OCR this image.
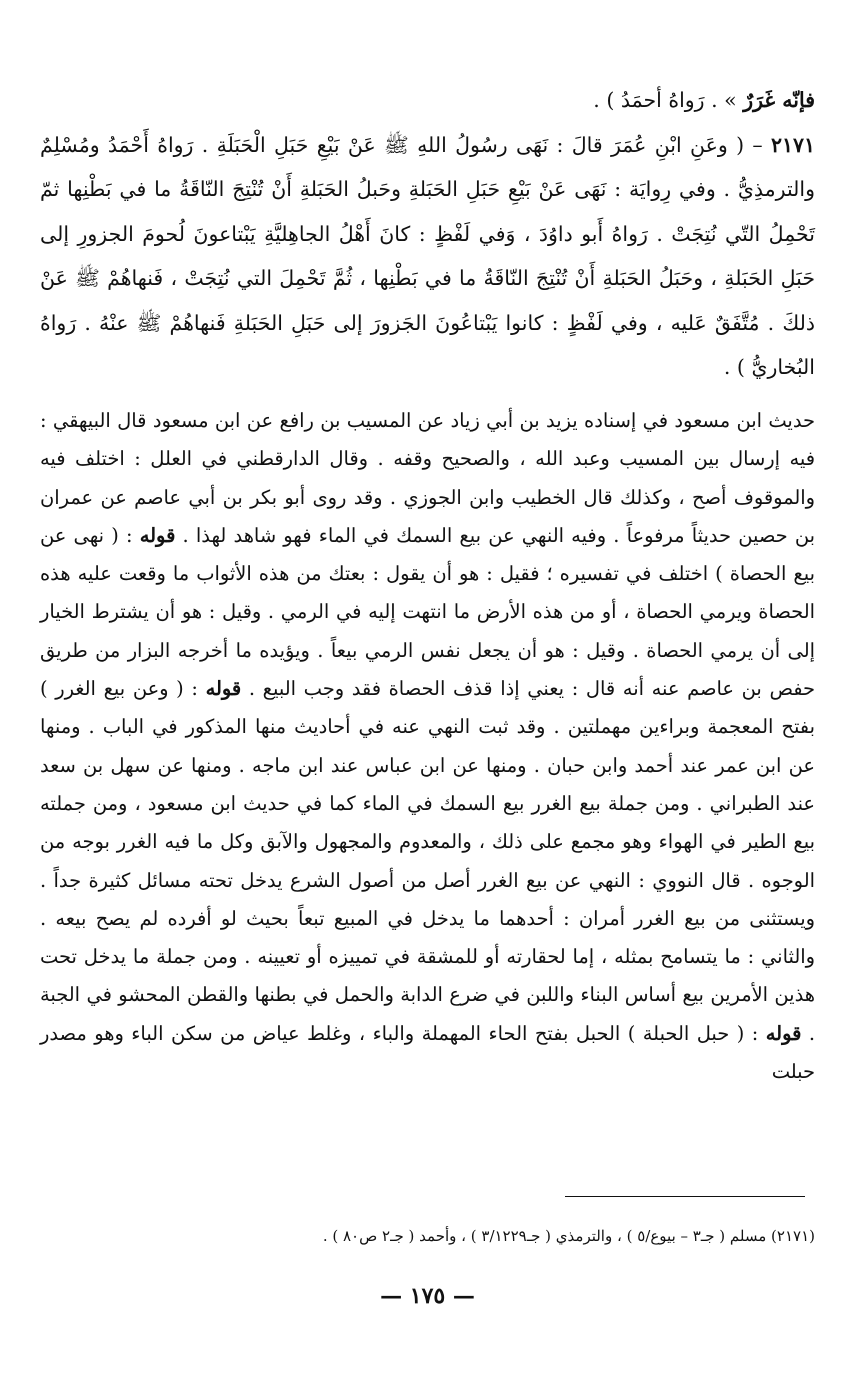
فإنّه غَرَرٌ » . رَواهُ أحمَدُ ) .

٢١٧١ – ( وعَنِ ابْنِ عُمَرَ قالَ : نَهَى رسُولُ اللهِ ﷺ عَنْ بَيْعِ حَبَلِ الْحَبَلَةِ . رَواهُ أَحْمَدُ ومُسْلِمٌ والترمذِيُّ . وفي رِوايَة : نَهَى عَنْ بَيْعِ حَبَلِ الحَبَلةِ وحَبلُ الحَبَلةِ أَنْ تُنْتِجَ النّاقَةُ ما في بَطْنِها ثمّ تَحْمِلُ التّي نُتِجَتْ . رَواهُ أَبو داوُدَ ، وَفي لَفْظٍ : كانَ أَهْلُ الجاهِليَّةِ يَبْتاعونَ لُحومَ الجزورِ إلى حَبَلِ الحَبَلةِ ، وحَبَلُ الحَبَلةِ أَنْ تُنْتِجَ النّاقَةُ ما في بَطْنِها ، ثُمَّ تَحْمِلَ التي نُتِجَتْ ، فَنهاهُمْ ﷺ عَنْ ذلكَ . مُتَّفَقٌ عَليه ، وفي لَفْظٍ : كانوا يَبْتاعُونَ الجَزورَ إلى حَبَلِ الحَبَلةِ فَنهاهُمْ ﷺ عنْهُ . رَواهُ البُخاريُّ ) .

حديث ابن مسعود في إسناده يزيد بن أبي زياد عن المسيب بن رافع عن ابن مسعود قال البيهقي : فيه إرسال بين المسيب وعبد الله ، والصحيح وقفه . وقال الدارقطني في العلل : اختلف فيه والموقوف أصح ، وكذلك قال الخطيب وابن الجوزي . وقد روى أبو بكر بن أبي عاصم عن عمران بن حصين حديثاً مرفوعاً . وفيه النهي عن بيع السمك في الماء فهو شاهد لهذا . قوله : ( نهى عن بيع الحصاة ) اختلف في تفسيره ؛ فقيل : هو أن يقول : بعتك من هذه الأثواب ما وقعت عليه هذه الحصاة ويرمي الحصاة ، أو من هذه الأرض ما انتهت إليه في الرمي . وقيل : هو أن يشترط الخيار إلى أن يرمي الحصاة . وقيل : هو أن يجعل نفس الرمي بيعاً . ويؤيده ما أخرجه البزار من طريق حفص بن عاصم عنه أنه قال : يعني إذا قذف الحصاة فقد وجب البيع . قوله : ( وعن بيع الغرر ) بفتح المعجمة وبراءين مهملتين . وقد ثبت النهي عنه في أحاديث منها المذكور في الباب . ومنها عن ابن عمر عند أحمد وابن حبان . ومنها عن ابن عباس عند ابن ماجه . ومنها عن سهل بن سعد عند الطبراني . ومن جملة بيع الغرر بيع السمك في الماء كما في حديث ابن مسعود ، ومن جملته بيع الطير في الهواء وهو مجمع على ذلك ، والمعدوم والمجهول والآبق وكل ما فيه الغرر بوجه من الوجوه . قال النووي : النهي عن بيع الغرر أصل من أصول الشرع يدخل تحته مسائل كثيرة جداً . ويستثنى من بيع الغرر أمران : أحدهما ما يدخل في المبيع تبعاً بحيث لو أفرده لم يصح بيعه . والثاني : ما يتسامح بمثله ، إما لحقارته أو للمشقة في تمييزه أو تعيينه . ومن جملة ما يدخل تحت هذين الأمرين بيع أساس البناء واللبن في ضرع الدابة والحمل في بطنها والقطن المحشو في الجبة . قوله : ( حبل الحبلة ) الحبل بفتح الحاء المهملة والباء ، وغلط عياض من سكن الباء وهو مصدر حبلت

(٢١٧١) مسلم ( جـ٣ – بيوع/٥ ) ، والترمذي ( جـ٣/١٢٢٩ ) ، وأحمد ( جـ٢ ص٨٠ ) .
— ١٧٥ —
